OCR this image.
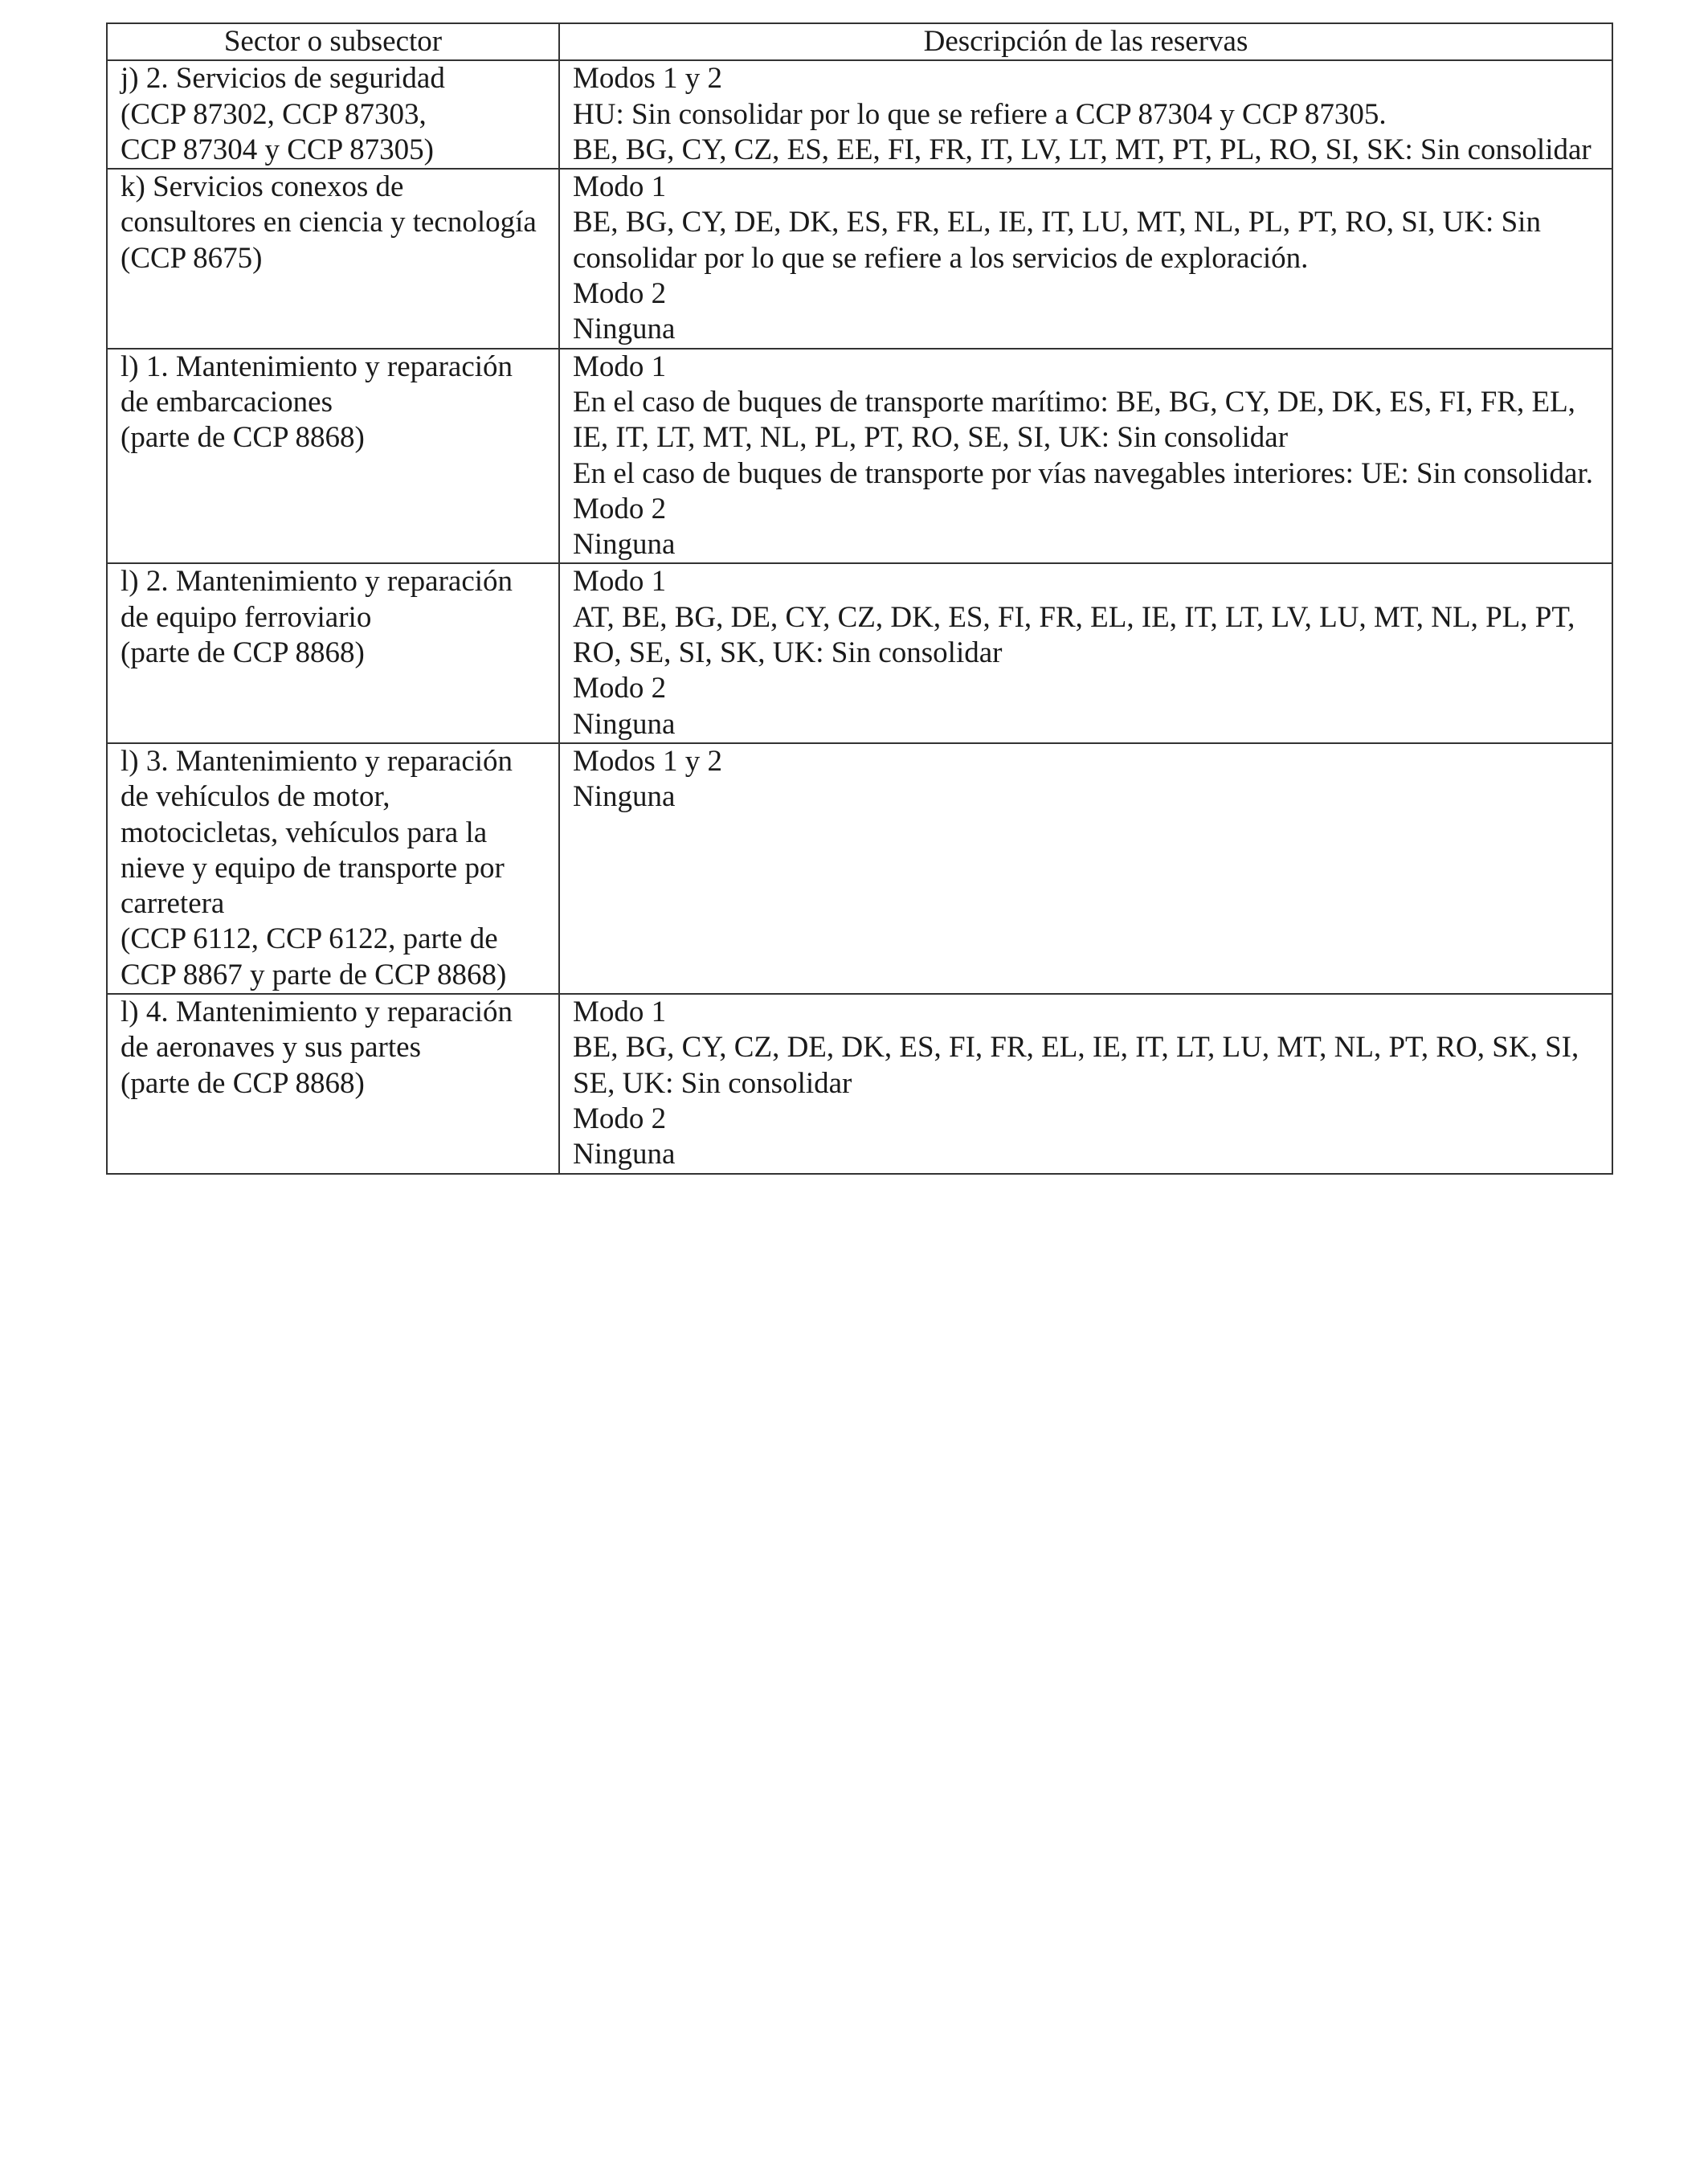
Sector o subsector	Descripción de las reservas

j) 2. Servicios de seguridad
(CCP 87302, CCP 87303,
CCP 87304 y CCP 87305)	Modos 1 y 2
HU: Sin consolidar por lo que se refiere a CCP 87304 y CCP 87305.
BE, BG, CY, CZ, ES, EE, FI, FR, IT, LV, LT, MT, PT, PL, RO, SI, SK: Sin consolidar

k) Servicios conexos de consultores en ciencia y tecnología
(CCP 8675)	Modo 1
BE, BG, CY, DE, DK, ES, FR, EL, IE, IT, LU, MT, NL, PL, PT, RO, SI, UK: Sin consolidar por lo que se refiere a los servicios de exploración.
Modo 2
Ninguna

l) 1. Mantenimiento y reparación de embarcaciones
(parte de CCP 8868)	Modo 1
En el caso de buques de transporte marítimo: BE, BG, CY, DE, DK, ES, FI, FR, EL, IE, IT, LT, MT, NL, PL, PT, RO, SE, SI, UK: Sin consolidar
En el caso de buques de transporte por vías navegables interiores: UE: Sin consolidar.
Modo 2
Ninguna

l) 2. Mantenimiento y reparación de equipo ferroviario
(parte de CCP 8868)	Modo 1
AT, BE, BG, DE, CY, CZ, DK, ES, FI, FR, EL, IE, IT, LT, LV, LU, MT, NL, PL, PT, RO, SE, SI, SK, UK: Sin consolidar
Modo 2
Ninguna

l) 3. Mantenimiento y reparación de vehículos de motor, motocicletas, vehículos para la nieve y equipo de transporte por carretera
(CCP 6112, CCP 6122, parte de CCP 8867 y parte de CCP 8868)	Modos 1 y 2
Ninguna

l) 4. Mantenimiento y reparación de aeronaves y sus partes
(parte de CCP 8868)	Modo 1
BE, BG, CY, CZ, DE, DK, ES, FI, FR, EL, IE, IT, LT, LU, MT, NL, PT, RO, SK, SI, SE, UK: Sin consolidar
Modo 2
Ninguna
